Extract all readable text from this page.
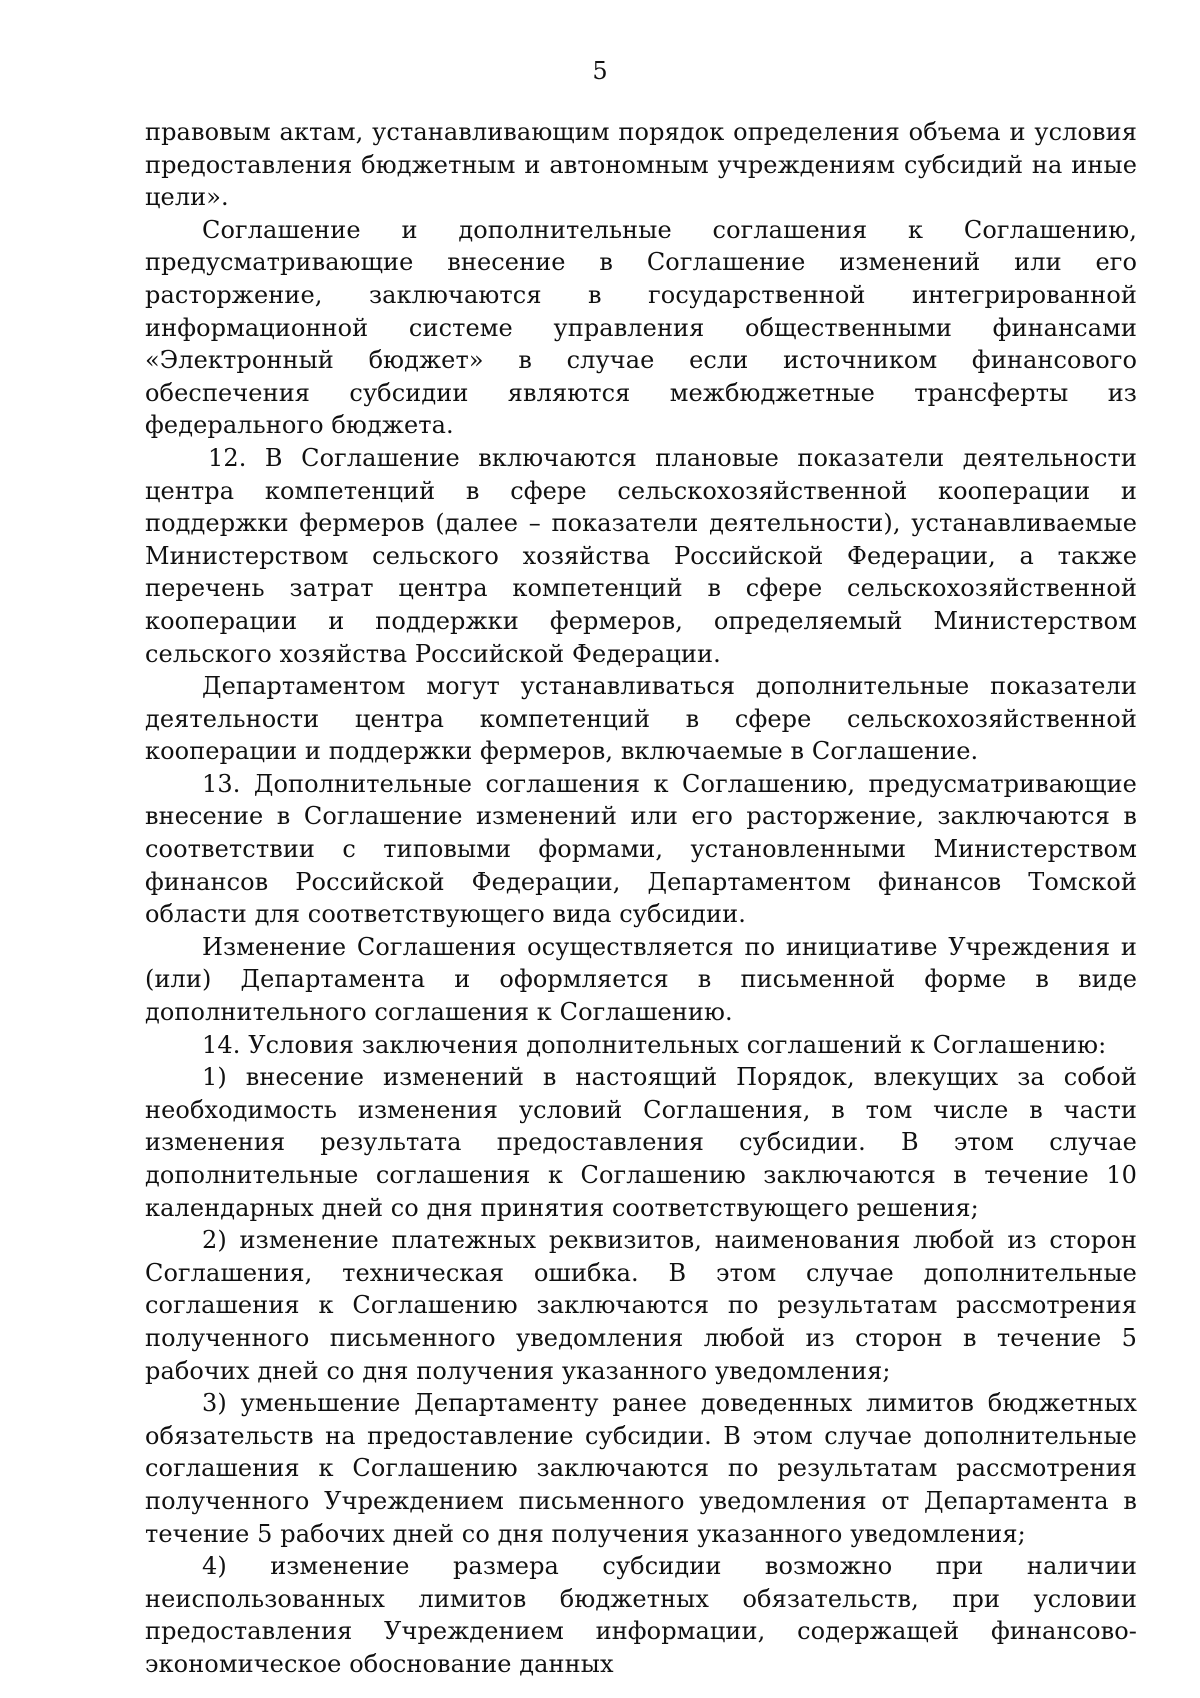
5

правовым актам, устанавливающим порядок определения объема и условия предоставления бюджетным и автономным учреждениям субсидий на иные цели».

Соглашение и дополнительные соглашения к Соглашению, предусматривающие внесение в Соглашение изменений или его расторжение, заключаются в государственной интегрированной информационной системе управления общественными финансами «Электронный бюджет» в случае если источником финансового обеспечения субсидии являются межбюджетные трансферты из федерального бюджета.

12. В Соглашение включаются плановые показатели деятельности центра компетенций в сфере сельскохозяйственной кооперации и поддержки фермеров (далее – показатели деятельности), устанавливаемые Министерством сельского хозяйства Российской Федерации, а также перечень затрат центра компетенций в сфере сельскохозяйственной кооперации и поддержки фермеров, определяемый Министерством сельского хозяйства Российской Федерации.

Департаментом могут устанавливаться дополнительные показатели деятельности центра компетенций в сфере сельскохозяйственной кооперации и поддержки фермеров, включаемые в Соглашение.

13. Дополнительные соглашения к Соглашению, предусматривающие внесение в Соглашение изменений или его расторжение, заключаются в соответствии с типовыми формами, установленными Министерством финансов Российской Федерации, Департаментом финансов Томской области для соответствующего вида субсидии.

Изменение Соглашения осуществляется по инициативе Учреждения и (или) Департамента и оформляется в письменной форме в виде дополнительного соглашения к Соглашению.

14. Условия заключения дополнительных соглашений к Соглашению:

1) внесение изменений в настоящий Порядок, влекущих за собой необходимость изменения условий Соглашения, в том числе в части изменения результата предоставления субсидии. В этом случае дополнительные соглашения к Соглашению заключаются в течение 10 календарных дней со дня принятия соответствующего решения;

2) изменение платежных реквизитов, наименования любой из сторон Соглашения, техническая ошибка. В этом случае дополнительные соглашения к Соглашению заключаются по результатам рассмотрения полученного письменного уведомления любой из сторон в течение 5 рабочих дней со дня получения указанного уведомления;

3) уменьшение Департаменту ранее доведенных лимитов бюджетных обязательств на предоставление субсидии. В этом случае дополнительные соглашения к Соглашению заключаются по результатам рассмотрения полученного Учреждением письменного уведомления от Департамента в течение 5 рабочих дней со дня получения указанного уведомления;

4) изменение размера субсидии возможно при наличии неиспользованных лимитов бюджетных обязательств, при условии предоставления Учреждением информации, содержащей финансово-экономическое обоснование данных
